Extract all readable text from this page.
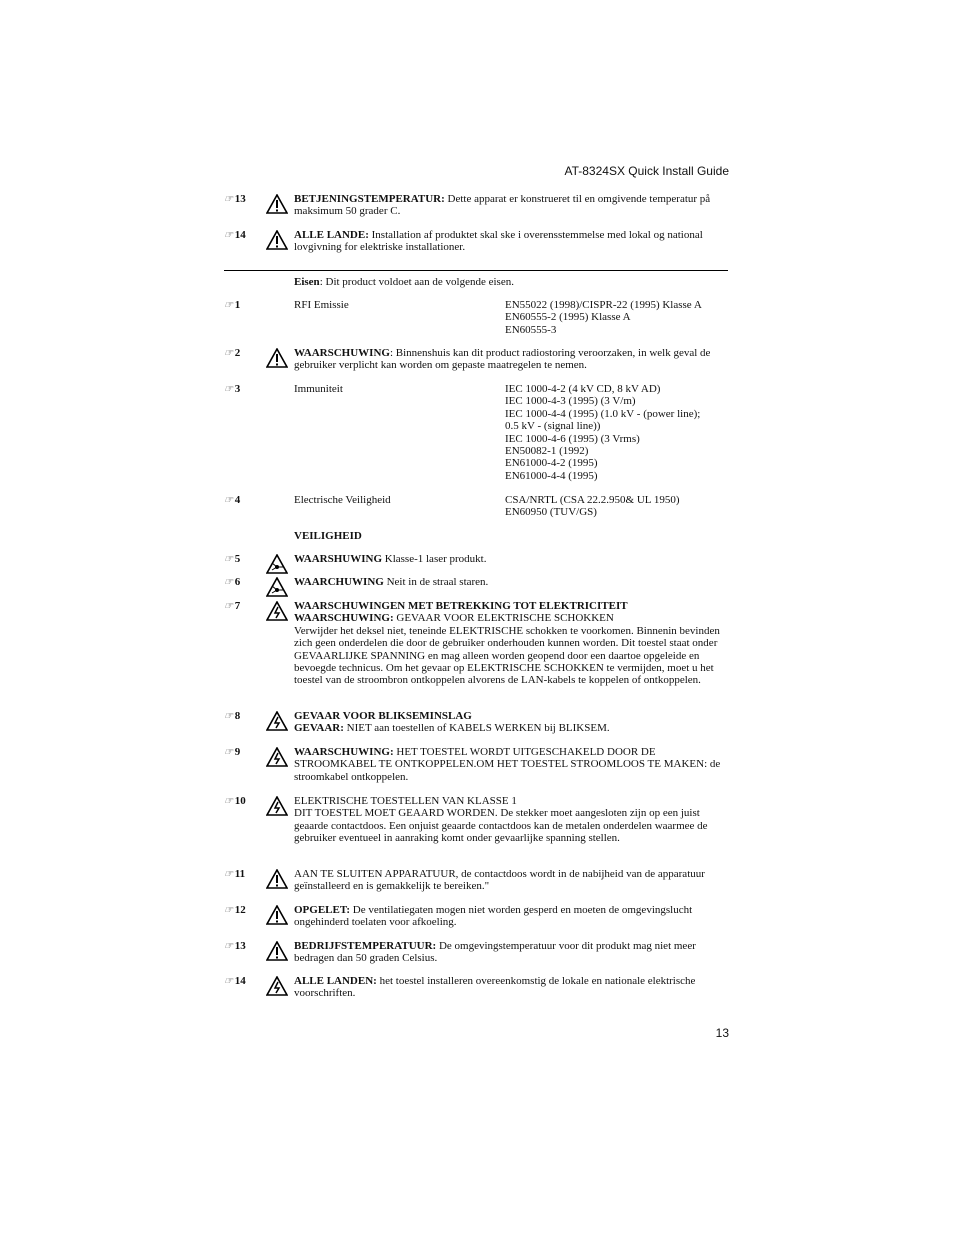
AT-8324SX Quick Install Guide
☞ 13	BETJENINGSTEMPERATUR: Dette apparat er konstrueret til en omgivende temperatur på maksimum 50 grader C.
☞ 14	ALLE LANDE: Installation af produktet skal ske i overensstemmelse med lokal og national lovgivning for elektriske installationer.
Eisen: Dit product voldoet aan de volgende eisen.
☞ 1	RFI Emissie	EN55022 (1998)/CISPR-22 (1995) Klasse A
EN60555-2 (1995) Klasse A
EN60555-3
☞ 2	WAARSCHUWING: Binnenshuis kan dit product radiostoring veroorzaken, in welk geval de gebruiker verplicht kan worden om gepaste maatregelen te nemen.
☞ 3	Immuniteit	IEC 1000-4-2 (4 kV CD, 8 kV AD)
IEC 1000-4-3 (1995) (3 V/m)
IEC 1000-4-4 (1995) (1.0 kV - (power line);
0.5 kV - (signal line))
IEC 1000-4-6 (1995) (3 Vrms)
EN50082-1 (1992)
EN61000-4-2 (1995)
EN61000-4-4 (1995)
☞ 4	Electrische Veiligheid	CSA/NRTL (CSA 22.2.950& UL 1950)
EN60950 (TUV/GS)
VEILIGHEID
☞ 5	WAARSHUWING Klasse-1 laser produkt.
☞ 6	WAARCHUWING Neit in de straal staren.
☞ 7	WAARSCHUWINGEN MET BETREKKING TOT ELEKTRICITEIT
WAARSCHUWING: GEVAAR VOOR ELEKTRISCHE SCHOKKEN
Verwijder het deksel niet, teneinde ELEKTRISCHE schokken te voorkomen. Binnenin bevinden zich geen onderdelen die door de gebruiker onderhouden kunnen worden. Dit toestel staat onder GEVAARLIJKE SPANNING en mag alleen worden geopend door een daartoe opgeleide en bevoegde technicus. Om het gevaar op ELEKTRISCHE SCHOKKEN te vermijden, moet u het toestel van de stroombron ontkoppelen alvorens de LAN-kabels te koppelen of ontkoppelen.
☞ 8	GEVAAR VOOR BLIKSEMINSLAG
GEVAAR: NIET aan toestellen of KABELS WERKEN bij BLIKSEM.
☞ 9	WAARSCHUWING: HET TOESTEL WORDT UITGESCHAKELD DOOR DE STROOMKABEL TE ONTKOPPELEN.OM HET TOESTEL STROOMLOOS TE MAKEN: de stroomkabel ontkoppelen.
☞ 10	ELEKTRISCHE TOESTELLEN VAN KLASSE 1
DIT TOESTEL MOET GEAARD WORDEN. De stekker moet aangesloten zijn op een juist geaarde contactdoos. Een onjuist geaarde contactdoos kan de metalen onderdelen waarmee de gebruiker eventueel in aanraking komt onder gevaarlijke spanning stellen.
☞ 11	AAN TE SLUITEN APPARATUUR, de contactdoos wordt in de nabijheid van de apparatuur geïnstalleerd en is gemakkelijk te bereiken."
☞ 12	OPGELET: De ventilatiegaten mogen niet worden gesperd en moeten de omgevingslucht ongehinderd toelaten voor afkoeling.
☞ 13	BEDRIJFSTEMPERATUUR: De omgevingstemperatuur voor dit produkt mag niet meer bedragen dan 50 graden Celsius.
☞ 14	ALLE LANDEN: het toestel installeren overeenkomstig de lokale en nationale elektrische voorschriften.
13
